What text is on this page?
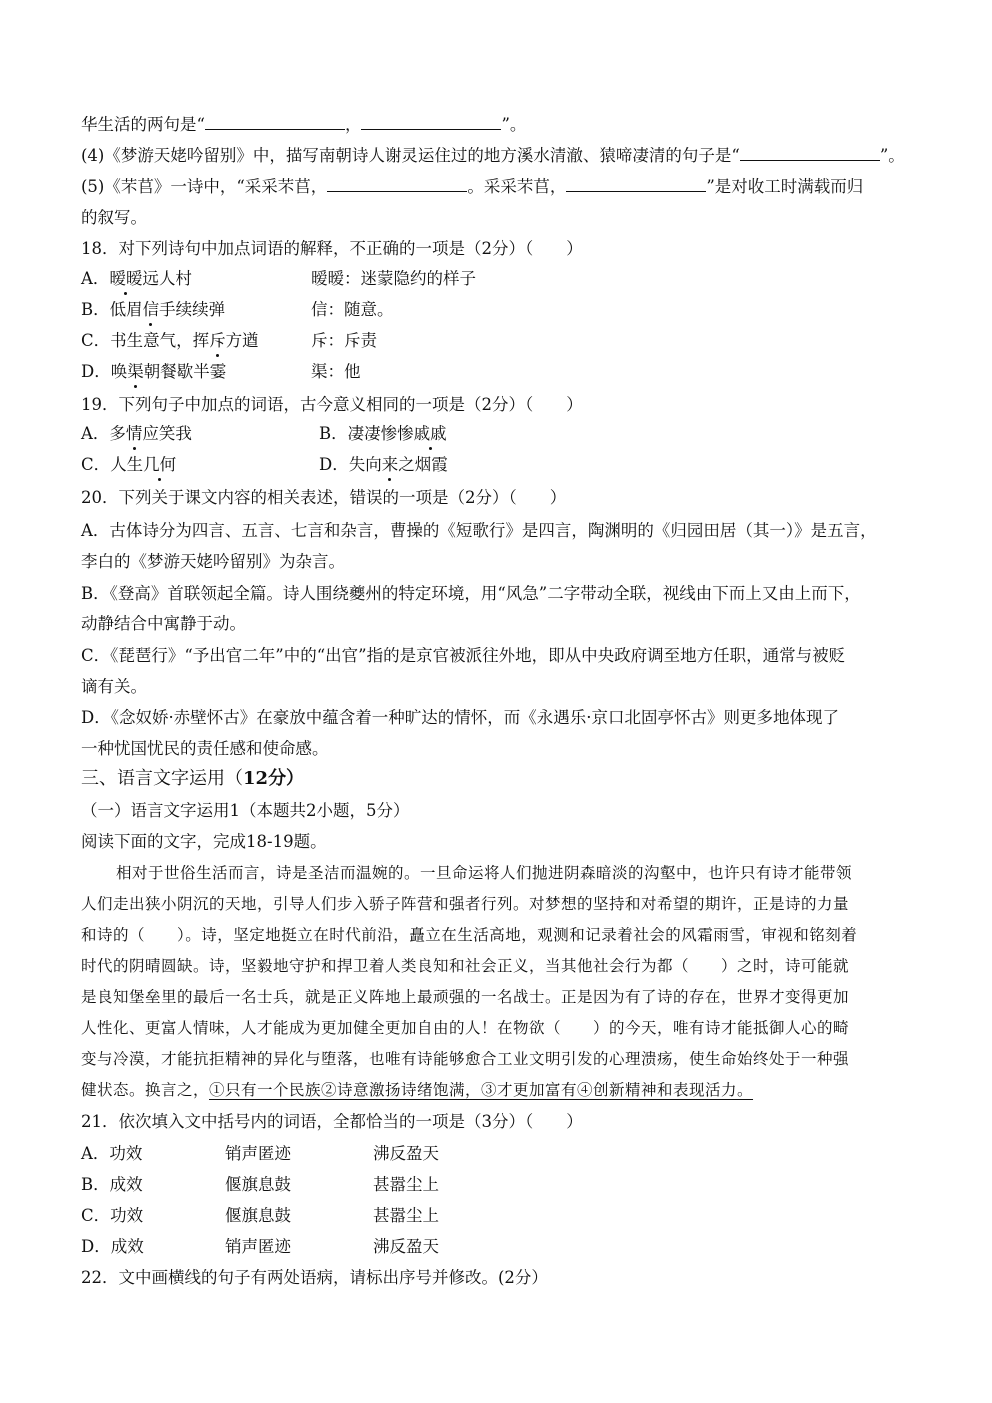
华生活的两句是“	，	”。
(4)《梦游天姥吟留别》中，描写南朝诗人谢灵运住过的地方溪水清澈、猿啼凄清的句子是“	”。
(5)《芣苢》一诗中，“采采芣苢，	。采采芣苢，	”是对收工时满载而归
的叙写。
18．对下列诗句中加点词语的解释，不正确的一项是（2分）（　　）
A．暧暧远人村	暧暧：迷蒙隐约的样子
B．低眉信手续续弹	信：随意。
C．书生意气，挥斥方遒	斥：斥责
D．唤渠朝餐歇半霎	渠：他
19．下列句子中加点的词语，古今意义相同的一项是（2分）（　　）
A．多情应笑我	B．凄凄惨惨戚戚
C．人生几何	D．失向来之烟霞
20．下列关于课文内容的相关表述，错误的一项是（2分）（　　）
A．古体诗分为四言、五言、七言和杂言，曹操的《短歌行》是四言，陶渊明的《归园田居（其一）》是五言，
李白的《梦游天姥吟留别》为杂言。
B．《登高》首联领起全篇。诗人围绕夔州的特定环境，用“风急”二字带动全联，视线由下而上又由上而下，
动静结合中寓静于动。
C．《琵琶行》“予出官二年”中的“出官”指的是京官被派往外地，即从中央政府调至地方任职，通常与被贬
谪有关。
D．《念奴娇·赤壁怀古》在豪放中蕴含着一种旷达的情怀，而《永遇乐·京口北固亭怀古》则更多地体现了
一种忧国忧民的责任感和使命感。
三、语言文字运用（12分）
（一）语言文字运用1（本题共2小题，5分）
阅读下面的文字，完成18-19题。
相对于世俗生活而言，诗是圣洁而温婉的。一旦命运将人们抛进阴森暗淡的沟壑中，也许只有诗才能带领
人们走出狭小阴沉的天地，引导人们步入骄子阵营和强者行列。对梦想的坚持和对希望的期许，正是诗的力量
和诗的（　　）。诗，坚定地挺立在时代前沿，矗立在生活高地，观测和记录着社会的风霜雨雪，审视和铭刻着
时代的阴晴圆缺。诗，坚毅地守护和捍卫着人类良知和社会正义，当其他社会行为都（　　）之时，诗可能就
是良知堡垒里的最后一名士兵，就是正义阵地上最顽强的一名战士。正是因为有了诗的存在，世界才变得更加
人性化、更富人情味，人才能成为更加健全更加自由的人！在物欲（　　）的今天，唯有诗才能抵御人心的畸
变与冷漠，才能抗拒精神的异化与堕落，也唯有诗能够愈合工业文明引发的心理溃疡，使生命始终处于一种强
健状态。换言之，①只有一个民族②诗意激扬诗绪饱满，③才更加富有④创新精神和表现活力。
21．依次填入文中括号内的词语，全都恰当的一项是（3分）（　　）
A．功效	销声匿迹	沸反盈天
B．成效	偃旗息鼓	甚嚣尘上
C．功效	偃旗息鼓	甚嚣尘上
D．成效	销声匿迹	沸反盈天
22．文中画横线的句子有两处语病，请标出序号并修改。(2分）
